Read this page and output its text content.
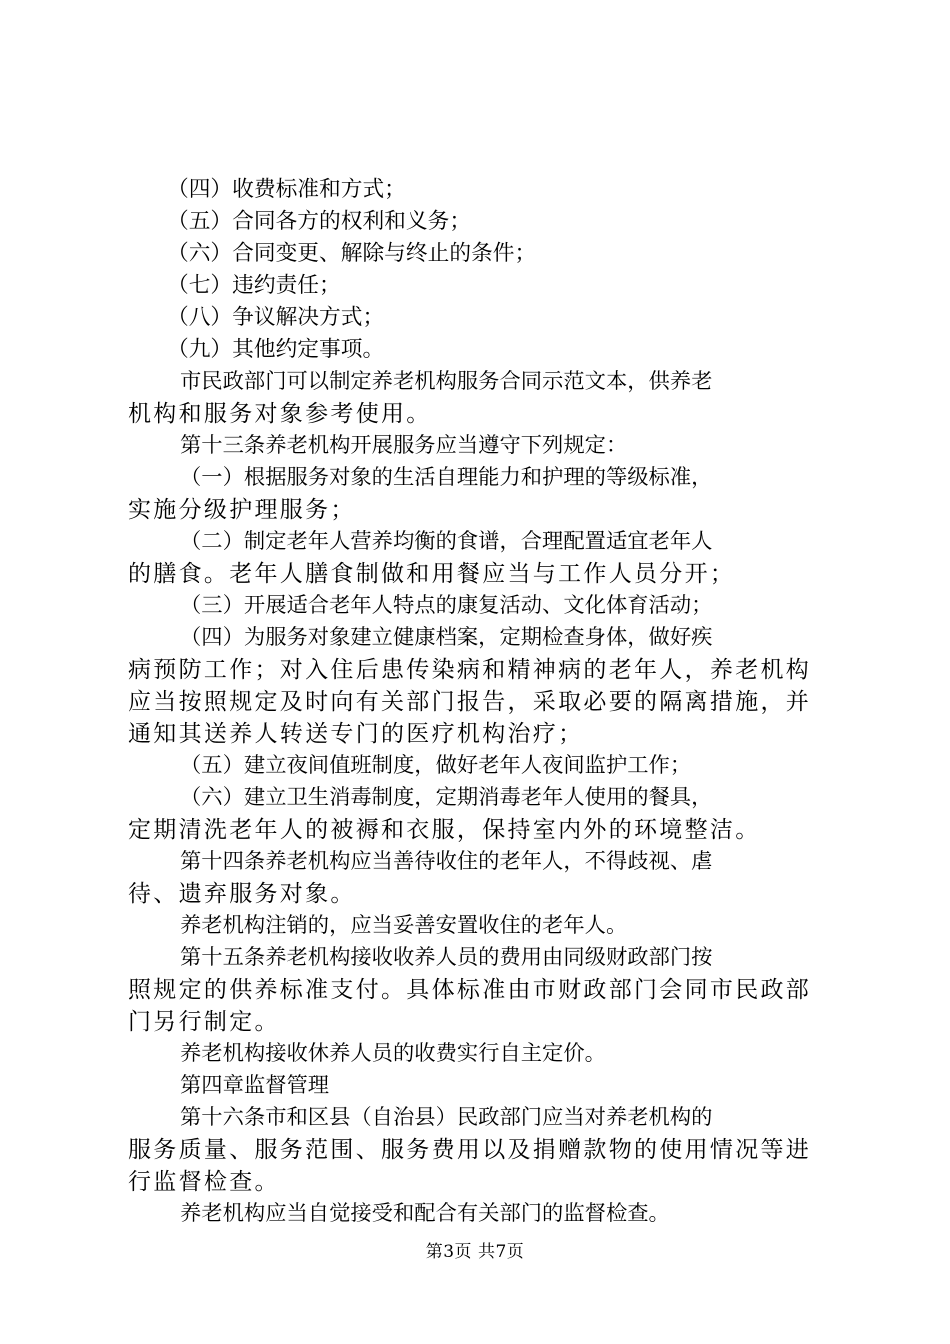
（四）收费标准和方式；
（五）合同各方的权利和义务；
（六）合同变更、解除与终止的条件；
（七）违约责任；
（八）争议解决方式；
（九）其他约定事项。
市民政部门可以制定养老机构服务合同示范文本，供养老
机构和服务对象参考使用。
第十三条养老机构开展服务应当遵守下列规定：
（一）根据服务对象的生活自理能力和护理的等级标准，
实施分级护理服务；
（二）制定老年人营养均衡的食谱，合理配置适宜老年人
的膳食。老年人膳食制做和用餐应当与工作人员分开；
（三）开展适合老年人特点的康复活动、文化体育活动；
（四）为服务对象建立健康档案，定期检查身体，做好疾
病预防工作；对入住后患传染病和精神病的老年人，养老机构
应当按照规定及时向有关部门报告，采取必要的隔离措施，并
通知其送养人转送专门的医疗机构治疗；
（五）建立夜间值班制度，做好老年人夜间监护工作；
（六）建立卫生消毒制度，定期消毒老年人使用的餐具，
定期清洗老年人的被褥和衣服，保持室内外的环境整洁。
第十四条养老机构应当善待收住的老年人，不得歧视、虐
待、遗弃服务对象。
养老机构注销的，应当妥善安置收住的老年人。
第十五条养老机构接收收养人员的费用由同级财政部门按
照规定的供养标准支付。具体标准由市财政部门会同市民政部
门另行制定。
养老机构接收休养人员的收费实行自主定价。
第四章监督管理
第十六条市和区县（自治县）民政部门应当对养老机构的
服务质量、服务范围、服务费用以及捐赠款物的使用情况等进
行监督检查。
养老机构应当自觉接受和配合有关部门的监督检查。
第3页 共7页
